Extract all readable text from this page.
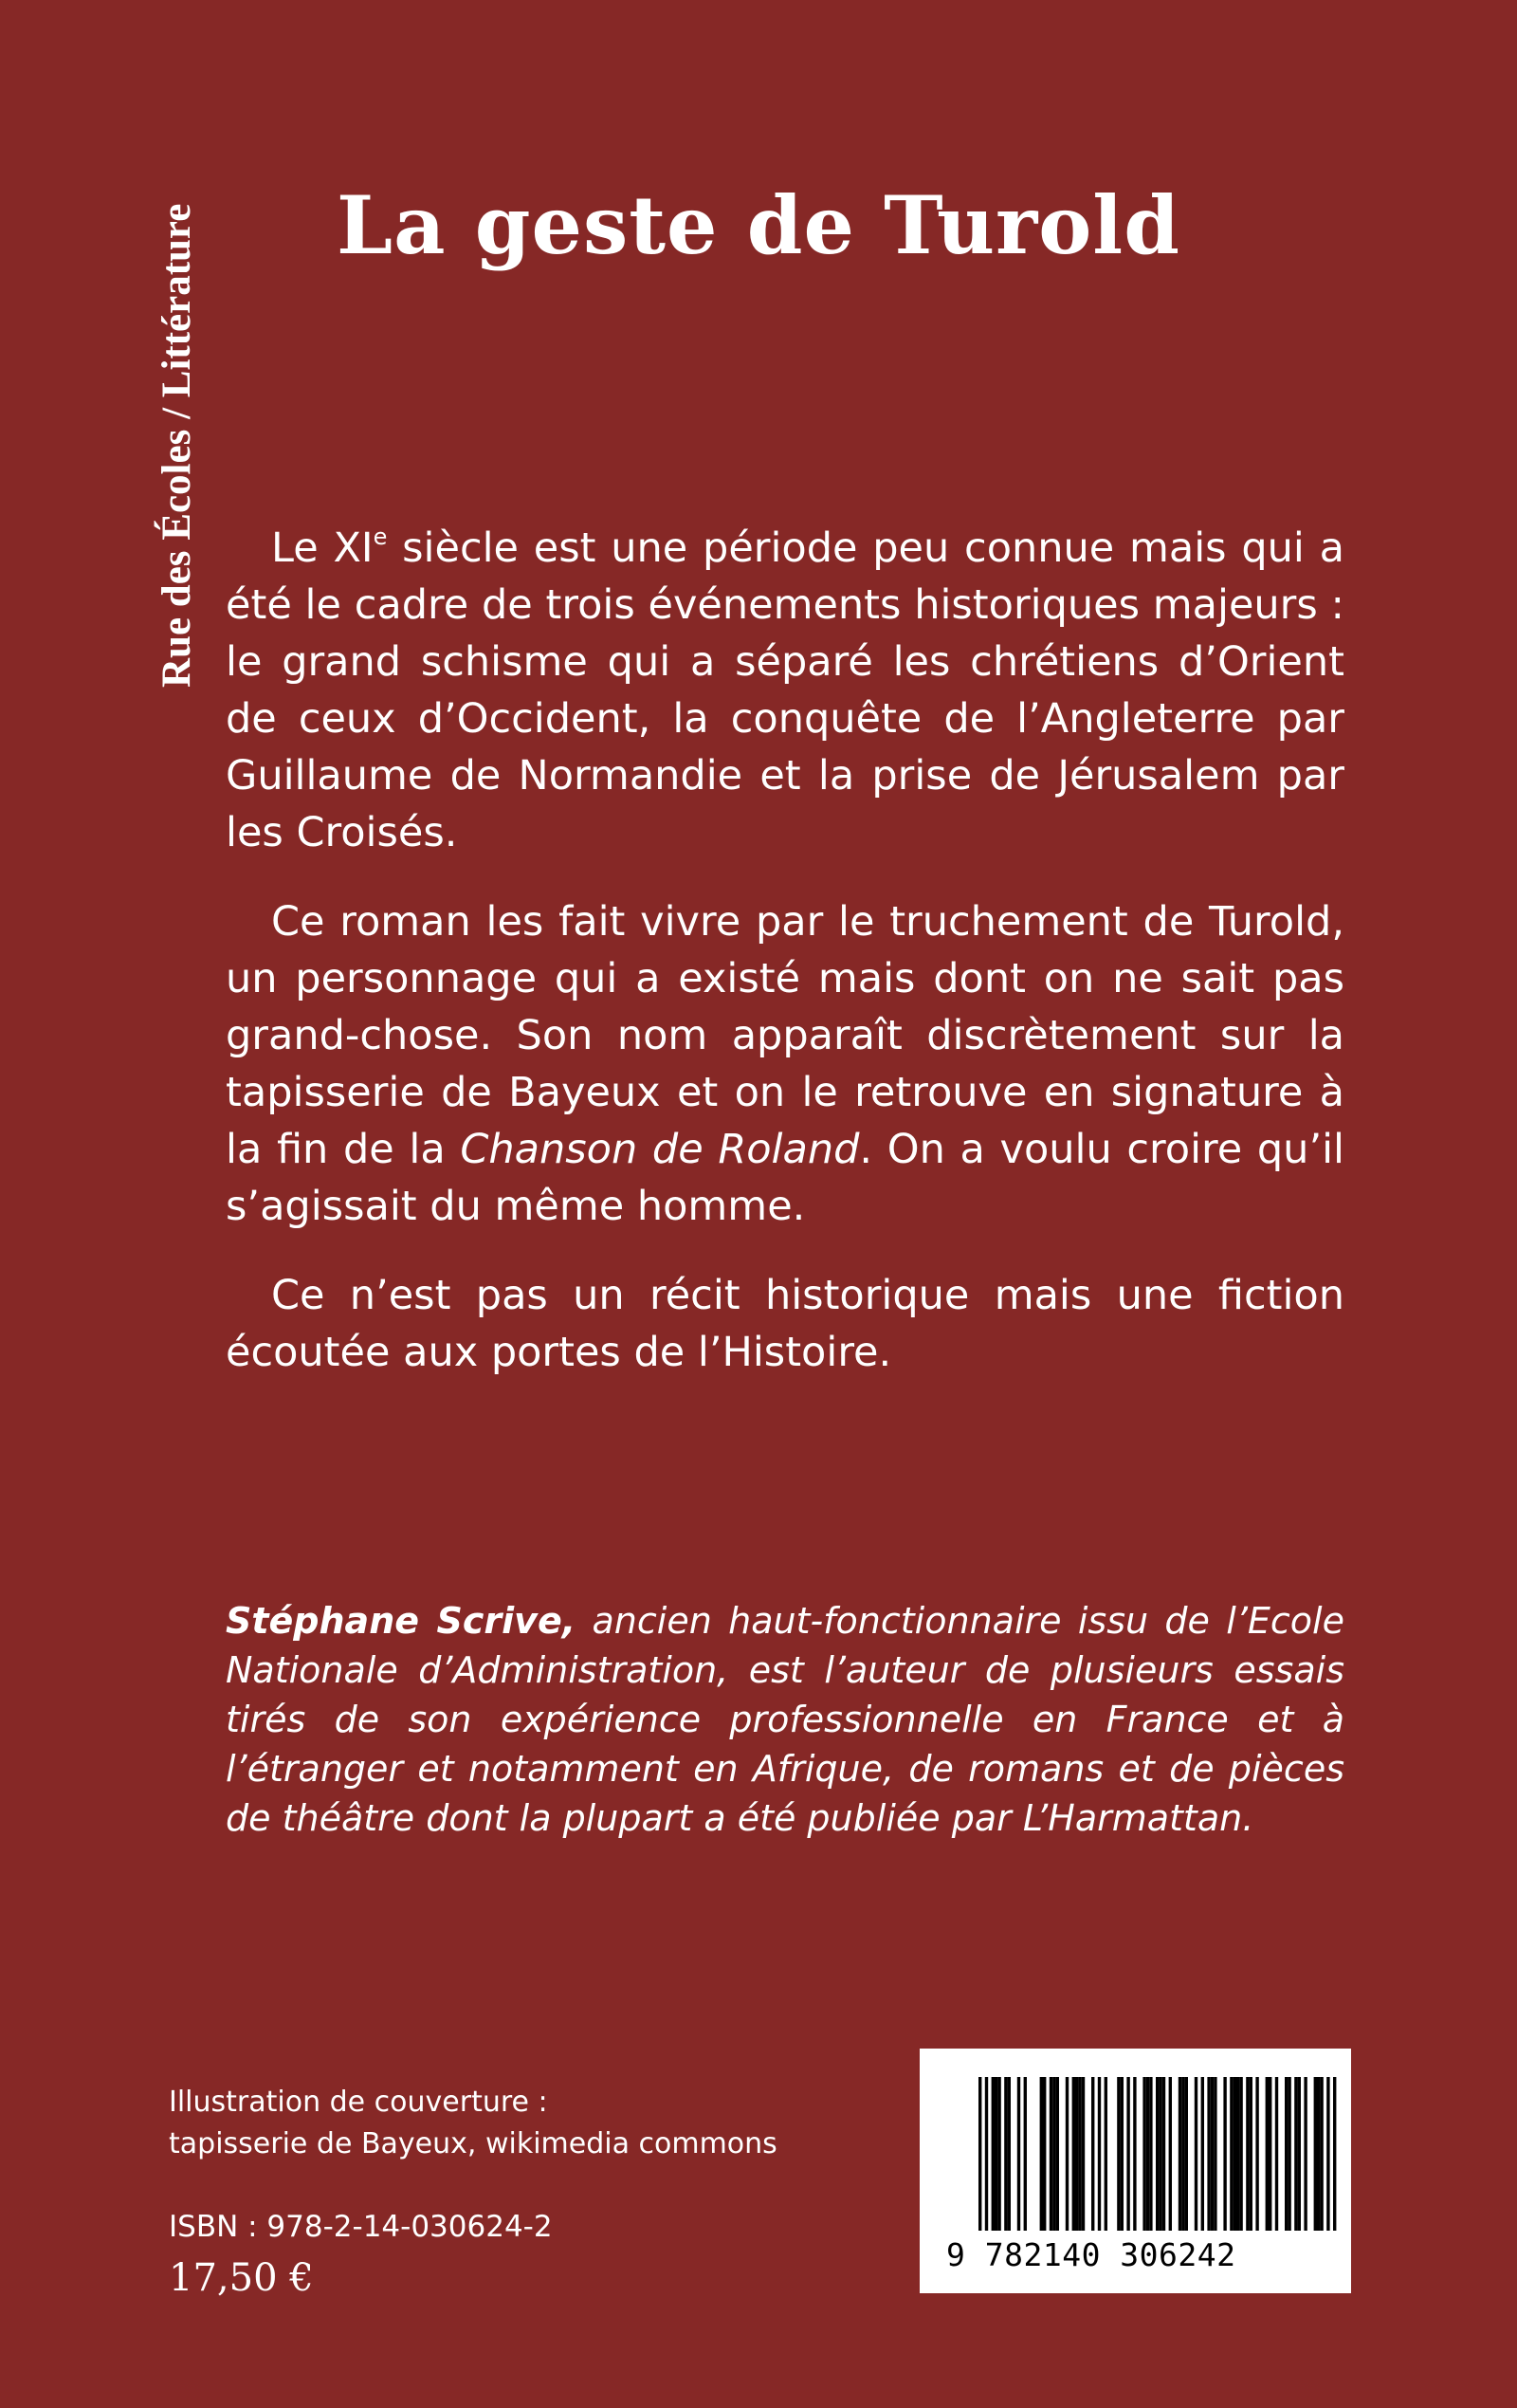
Rue des Écoles / Littérature	La geste de Turold

Le XIe siècle est une période peu connue mais qui a été le cadre de trois événements historiques majeurs : le grand schisme qui a séparé les chrétiens d’Orient de ceux d’Occident, la conquête de l’Angleterre par Guillaume de Normandie et la prise de Jérusalem par les Croisés.

Ce roman les fait vivre par le truchement de Turold, un personnage qui a existé mais dont on ne sait pas grand-chose. Son nom apparaît discrètement sur la tapisserie de Bayeux et on le retrouve en signature à la fin de la Chanson de Roland. On a voulu croire qu’il s’agissait du même homme.

Ce n’est pas un récit historique mais une fiction écoutée aux portes de l’Histoire.

Stéphane Scrive, ancien haut-fonctionnaire issu de l’Ecole Nationale d’Administration, est l’auteur de plusieurs essais tirés de son expérience professionnelle en France et à l’étranger et notamment en Afrique, de romans et de pièces de théâtre dont la plupart a été publiée par L’Harmattan.

Illustration de couverture :
tapisserie de Bayeux, wikimedia commons
ISBN : 978-2-14-030624-2
17,50 €
9 782140 306242
